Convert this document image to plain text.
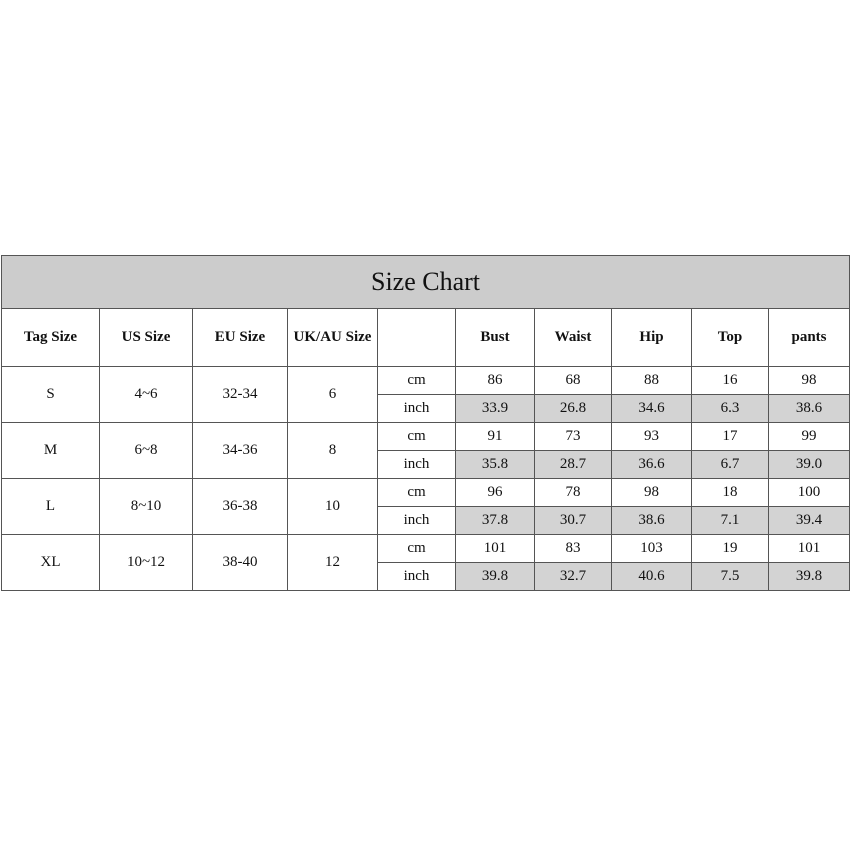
Size Chart									
Tag Size	US Size	EU Size	UK/AU Size		Bust	Waist	Hip	Top	pants
S	4~6	32-34	6	cm	86	68	88	16	98
				inch	33.9	26.8	34.6	6.3	38.6
M	6~8	34-36	8	cm	91	73	93	17	99
				inch	35.8	28.7	36.6	6.7	39.0
L	8~10	36-38	10	cm	96	78	98	18	100
				inch	37.8	30.7	38.6	7.1	39.4
XL	10~12	38-40	12	cm	101	83	103	19	101
				inch	39.8	32.7	40.6	7.5	39.8
